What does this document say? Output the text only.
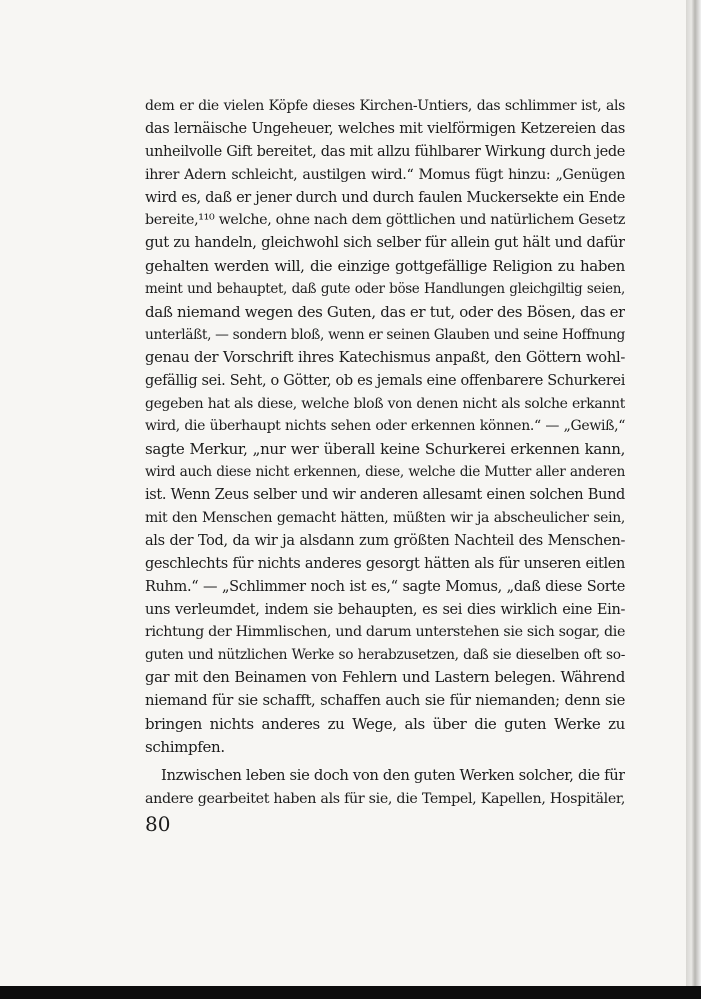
dem er die vielen Köpfe dieses Kirchen-Untiers, das schlimmer ist, als
das lernäische Ungeheuer, welches mit vielförmigen Ketzereien das
unheilvolle Gift bereitet, das mit allzu fühlbarer Wirkung durch jede
ihrer Adern schleicht, austilgen wird.“ Momus fügt hinzu: „Genügen
wird es, daß er jener durch und durch faulen Muckersekte ein Ende
bereite,¹¹⁰ welche, ohne nach dem göttlichen und natürlichem Gesetz
gut zu handeln, gleichwohl sich selber für allein gut hält und dafür
gehalten werden will, die einzige gottgefällige Religion zu haben
meint und behauptet, daß gute oder böse Handlungen gleichgiltig seien,
daß niemand wegen des Guten, das er tut, oder des Bösen, das er
unterläßt, — sondern bloß, wenn er seinen Glauben und seine Hoffnung
genau der Vorschrift ihres Katechismus anpaßt, den Göttern wohl-
gefällig sei. Seht, o Götter, ob es jemals eine offenbarere Schurkerei
gegeben hat als diese, welche bloß von denen nicht als solche erkannt
wird, die überhaupt nichts sehen oder erkennen können.“ — „Gewiß,“
sagte Merkur, „nur wer überall keine Schurkerei erkennen kann,
wird auch diese nicht erkennen, diese, welche die Mutter aller anderen
ist. Wenn Zeus selber und wir anderen allesamt einen solchen Bund
mit den Menschen gemacht hätten, müßten wir ja abscheulicher sein,
als der Tod, da wir ja alsdann zum größten Nachteil des Menschen-
geschlechts für nichts anderes gesorgt hätten als für unseren eitlen
Ruhm.“ — „Schlimmer noch ist es,“ sagte Momus, „daß diese Sorte
uns verleumdet, indem sie behaupten, es sei dies wirklich eine Ein-
richtung der Himmlischen, und darum unterstehen sie sich sogar, die
guten und nützlichen Werke so herabzusetzen, daß sie dieselben oft so-
gar mit den Beinamen von Fehlern und Lastern belegen. Während
niemand für sie schafft, schaffen auch sie für niemanden; denn sie
bringen nichts anderes zu Wege, als über die guten Werke zu
schimpfen.
Inzwischen leben sie doch von den guten Werken solcher, die für
andere gearbeitet haben als für sie, die Tempel, Kapellen, Hospitäler,
80
